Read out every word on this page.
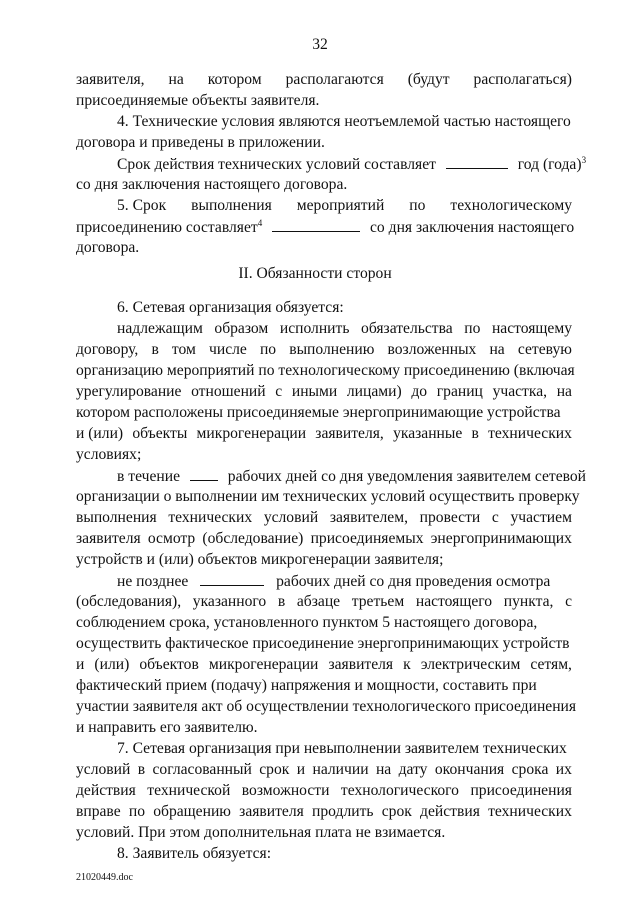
32
заявителя, на котором располагаются (будут располагаться)
присоединяемые объекты заявителя.
4. Технические условия являются неотъемлемой частью настоящего
договора и приведены в приложении.
Срок действия технических условий составляет	год (года)$^3$
со дня заключения настоящего договора.
5. Срок выполнения мероприятий по технологическому
присоединению составляет$^4$	со дня заключения настоящего
договора.
II. Обязанности сторон
6. Сетевая организация обязуется:
надлежащим образом исполнить обязательства по настоящему
договору, в том числе по выполнению возложенных на сетевую
организацию мероприятий по технологическому присоединению (включая
урегулирование отношений с иными лицами) до границ участка, на
котором расположены присоединяемые энергопринимающие устройства
и (или) объекты микрогенерации заявителя, указанные в технических
условиях;
в течение	рабочих дней со дня уведомления заявителем сетевой
организации о выполнении им технических условий осуществить проверку
выполнения технических условий заявителем, провести с участием
заявителя осмотр (обследование) присоединяемых энергопринимающих
устройств и (или) объектов микрогенерации заявителя;
не позднее	рабочих дней со дня проведения осмотра
(обследования), указанного в абзаце третьем настоящего пункта, с
соблюдением срока, установленного пунктом 5 настоящего договора,
осуществить фактическое присоединение энергопринимающих устройств
и (или) объектов микрогенерации заявителя к электрическим сетям,
фактический прием (подачу) напряжения и мощности, составить при
участии заявителя акт об осуществлении технологического присоединения
и направить его заявителю.
7. Сетевая организация при невыполнении заявителем технических
условий в согласованный срок и наличии на дату окончания срока их
действия технической возможности технологического присоединения
вправе по обращению заявителя продлить срок действия технических
условий. При этом дополнительная плата не взимается.
21020449.doc
8. Заявитель обязуется:
